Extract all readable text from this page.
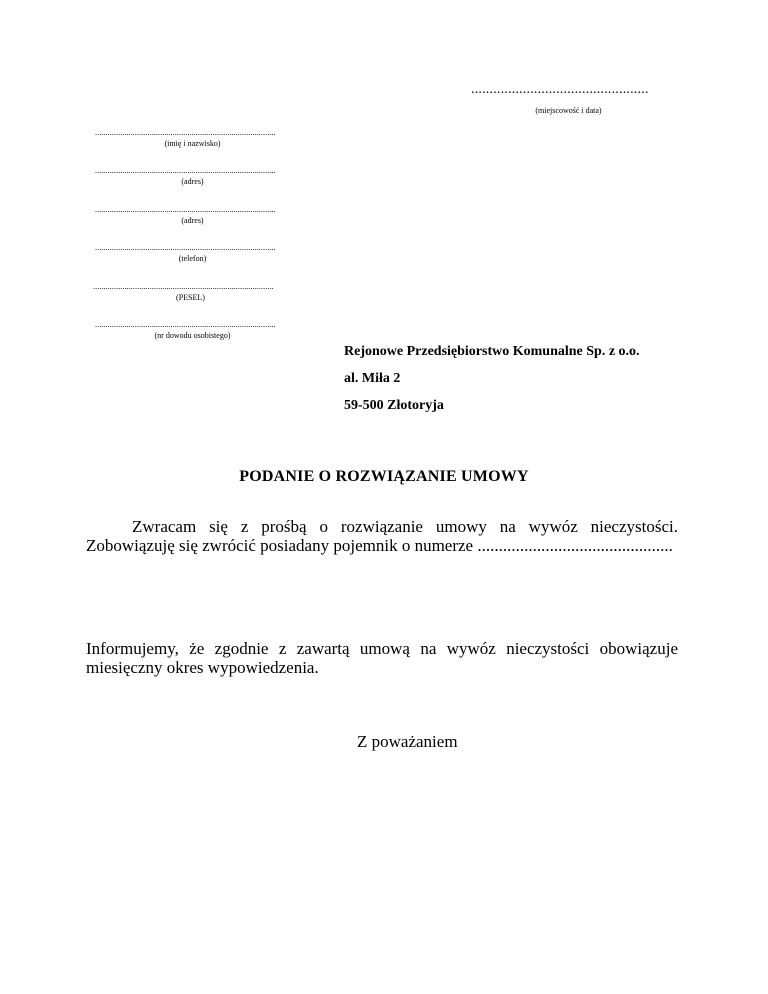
................................................
(miejscowość i data)
......................................................................................
(imię i nazwisko)
......................................................................................
(adres)
......................................................................................
(adres)
......................................................................................
(telefon)
......................................................................................
(PESEL)
......................................................................................
(nr dowodu osobistego)
Rejonowe Przedsiębiorstwo Komunalne Sp. z o.o.
al. Miła 2
59-500 Złotoryja
PODANIE O ROZWIĄZANIE UMOWY
Zwracam się z prośbą o rozwiązanie umowy na wywóz nieczystości. Zobowiązuję się zwrócić posiadany pojemnik o numerze ..............................................
Informujemy, że zgodnie z zawartą umową na wywóz nieczystości obowiązuje miesięczny okres wypowiedzenia.
Z poważaniem
